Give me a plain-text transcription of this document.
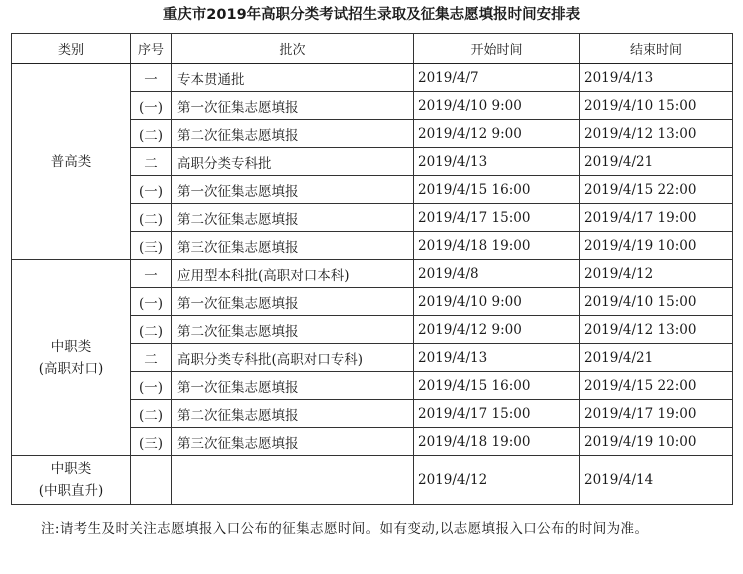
重庆市2019年高职分类考试招生录取及征集志愿填报时间安排表
类别	序号	批次	开始时间	结束时间

普高类	一	专本贯通批	2019/4/7	2019/4/13
	(一)	第一次征集志愿填报	2019/4/10 9:00	2019/4/10 15:00
	(二)	第二次征集志愿填报	2019/4/12 9:00	2019/4/12 13:00
	二	高职分类专科批	2019/4/13	2019/4/21
	(一)	第一次征集志愿填报	2019/4/15 16:00	2019/4/15 22:00
	(二)	第二次征集志愿填报	2019/4/17 15:00	2019/4/17 19:00
	(三)	第三次征集志愿填报	2019/4/18 19:00	2019/4/19 10:00

中职类
(高职对口)	一	应用型本科批(高职对口本科)	2019/4/8	2019/4/12
	(一)	第一次征集志愿填报	2019/4/10 9:00	2019/4/10 15:00
	(二)	第二次征集志愿填报	2019/4/12 9:00	2019/4/12 13:00
	二	高职分类专科批(高职对口专科)	2019/4/13	2019/4/21
	(一)	第一次征集志愿填报	2019/4/15 16:00	2019/4/15 22:00
	(二)	第二次征集志愿填报	2019/4/17 15:00	2019/4/17 19:00
	(三)	第三次征集志愿填报	2019/4/18 19:00	2019/4/19 10:00

中职类
(中职直升)			2019/4/12	2019/4/14
注:请考生及时关注志愿填报入口公布的征集志愿时间。如有变动,以志愿填报入口公布的时间为准。
